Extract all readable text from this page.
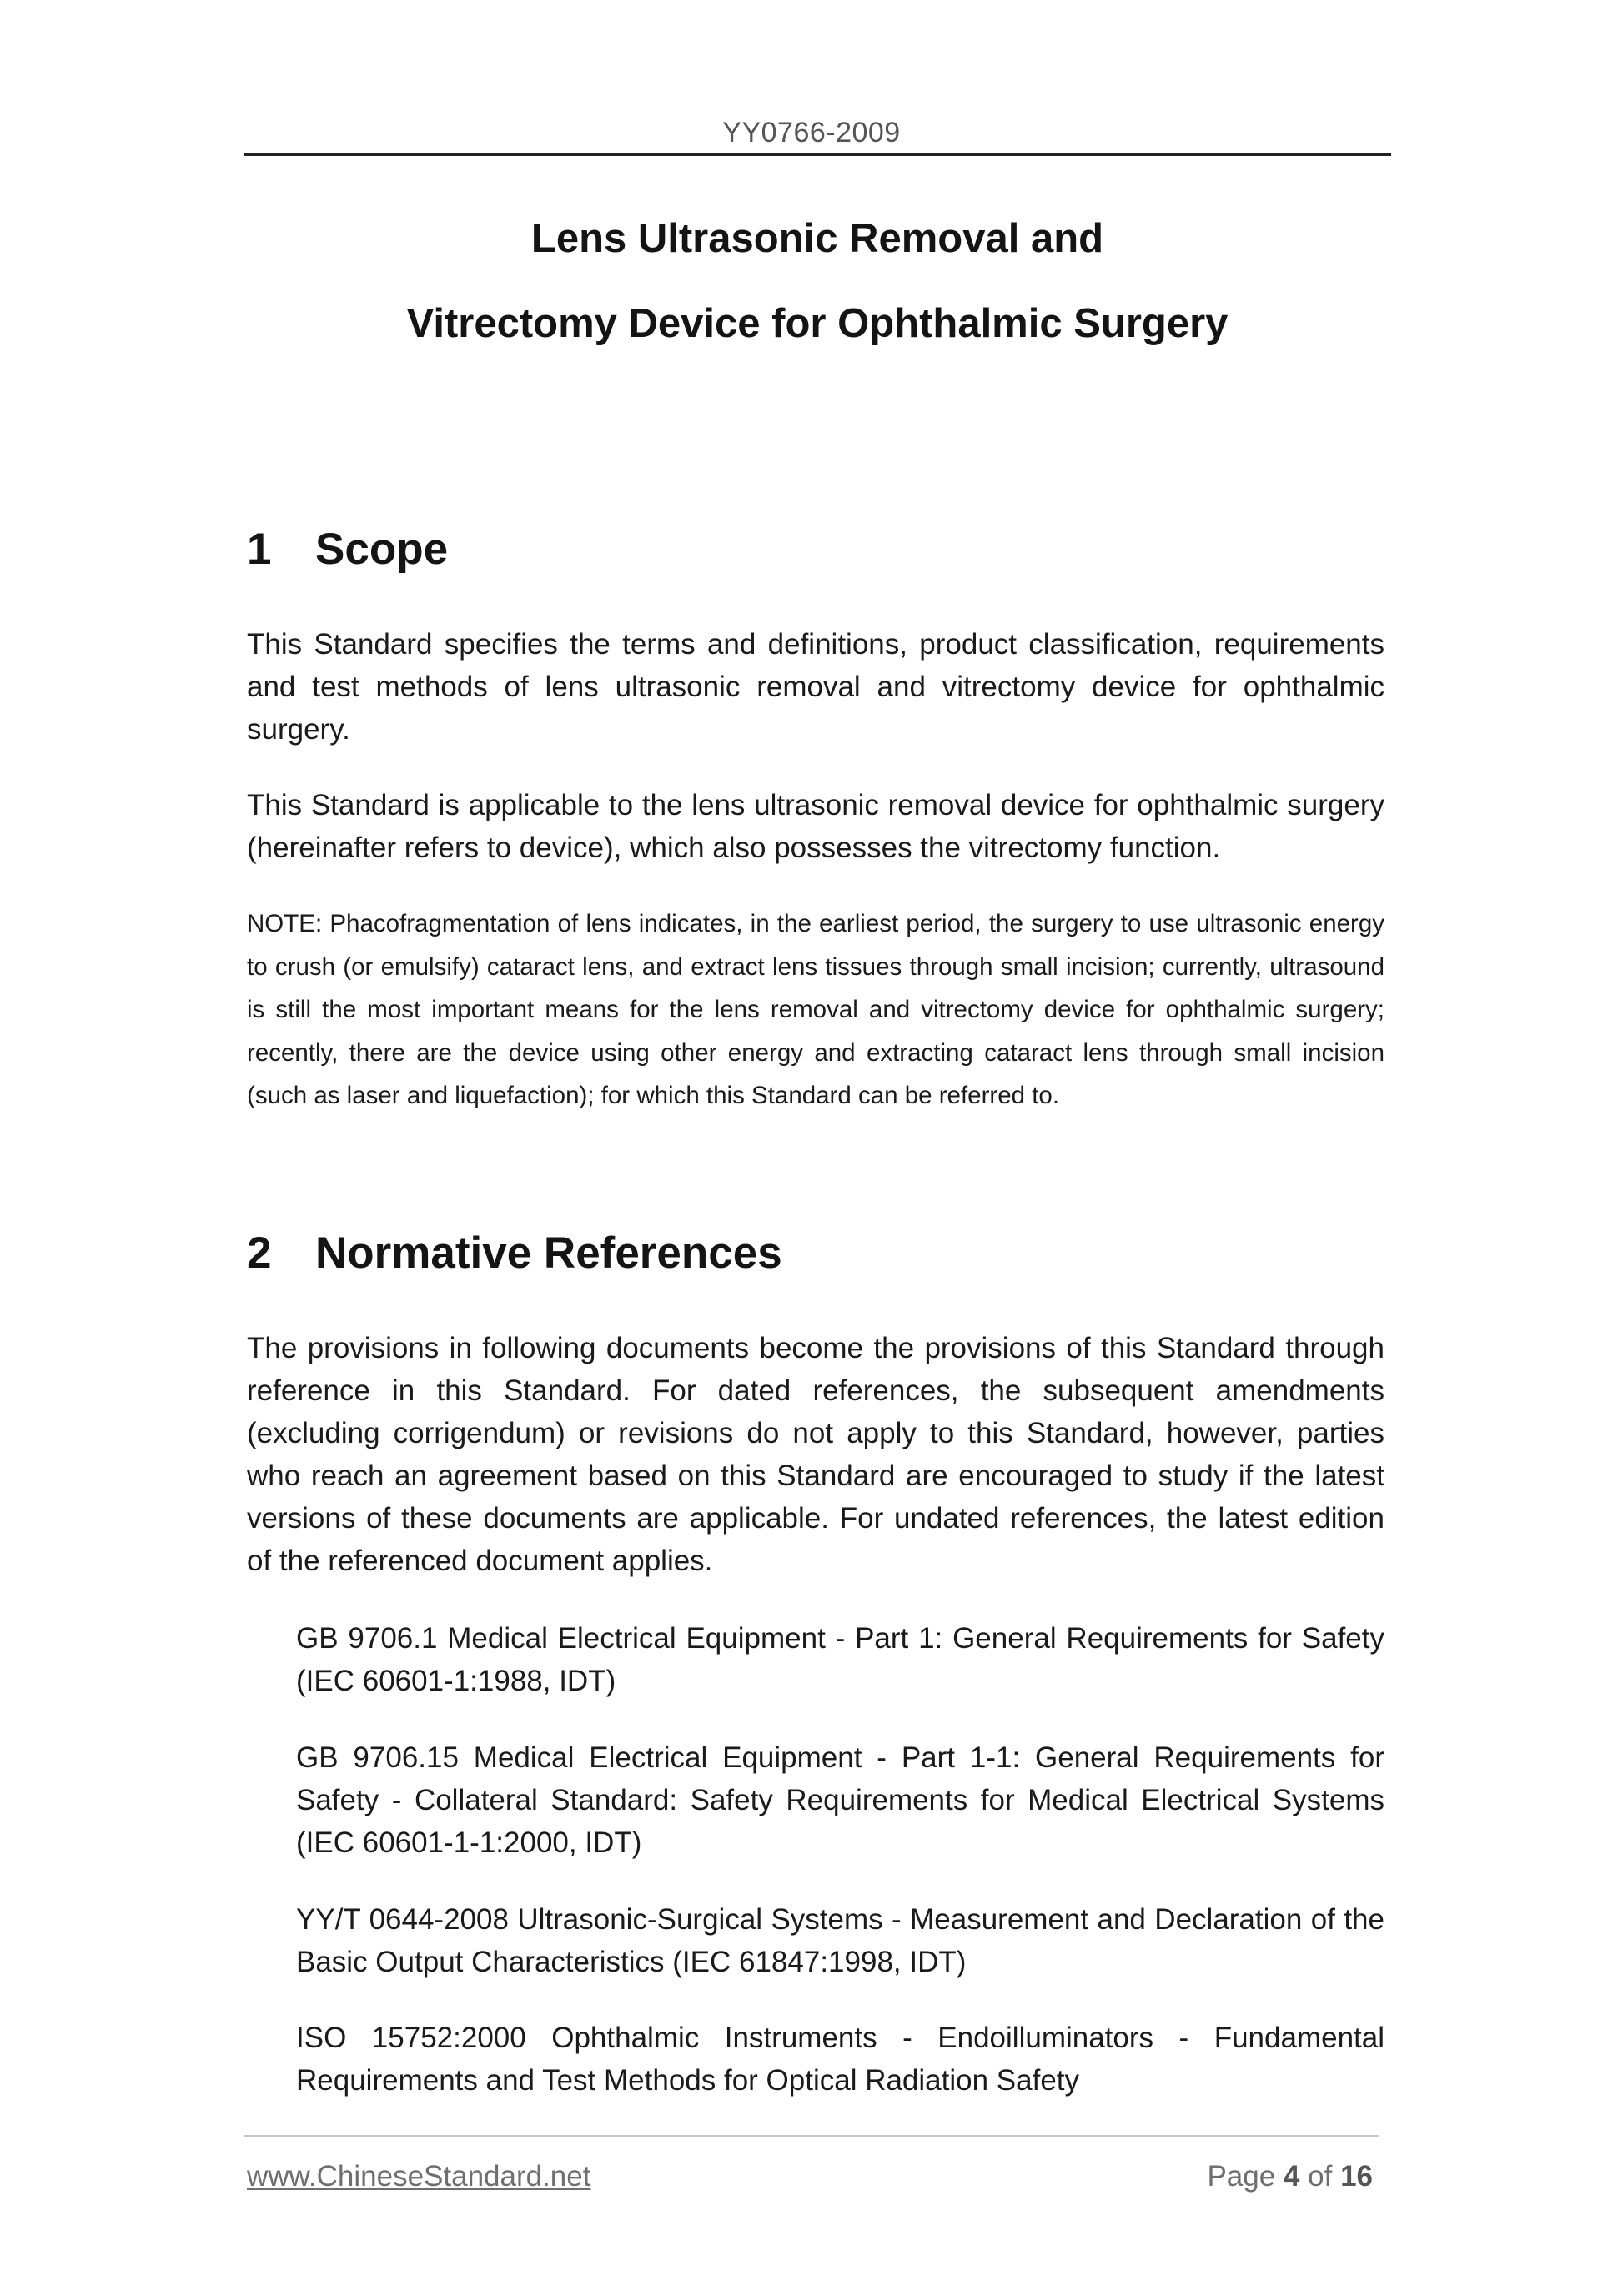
YY0766-2009
Lens Ultrasonic Removal and
Vitrectomy Device for Ophthalmic Surgery
1 Scope
This Standard specifies the terms and definitions, product classification, requirements and test methods of lens ultrasonic removal and vitrectomy device for ophthalmic surgery.
This Standard is applicable to the lens ultrasonic removal device for ophthalmic surgery (hereinafter refers to device), which also possesses the vitrectomy function.
NOTE: Phacofragmentation of lens indicates, in the earliest period, the surgery to use ultrasonic energy to crush (or emulsify) cataract lens, and extract lens tissues through small incision; currently, ultrasound is still the most important means for the lens removal and vitrectomy device for ophthalmic surgery; recently, there are the device using other energy and extracting cataract lens through small incision (such as laser and liquefaction); for which this Standard can be referred to.
2 Normative References
The provisions in following documents become the provisions of this Standard through reference in this Standard. For dated references, the subsequent amendments (excluding corrigendum) or revisions do not apply to this Standard, however, parties who reach an agreement based on this Standard are encouraged to study if the latest versions of these documents are applicable. For undated references, the latest edition of the referenced document applies.
GB 9706.1 Medical Electrical Equipment - Part 1: General Requirements for Safety (IEC 60601-1:1988, IDT)
GB 9706.15 Medical Electrical Equipment - Part 1-1: General Requirements for Safety - Collateral Standard: Safety Requirements for Medical Electrical Systems (IEC 60601-1-1:2000, IDT)
YY/T 0644-2008 Ultrasonic-Surgical Systems - Measurement and Declaration of the Basic Output Characteristics (IEC 61847:1998, IDT)
ISO 15752:2000 Ophthalmic Instruments - Endoilluminators - Fundamental Requirements and Test Methods for Optical Radiation Safety
www.ChineseStandard.net	Page 4 of 16
